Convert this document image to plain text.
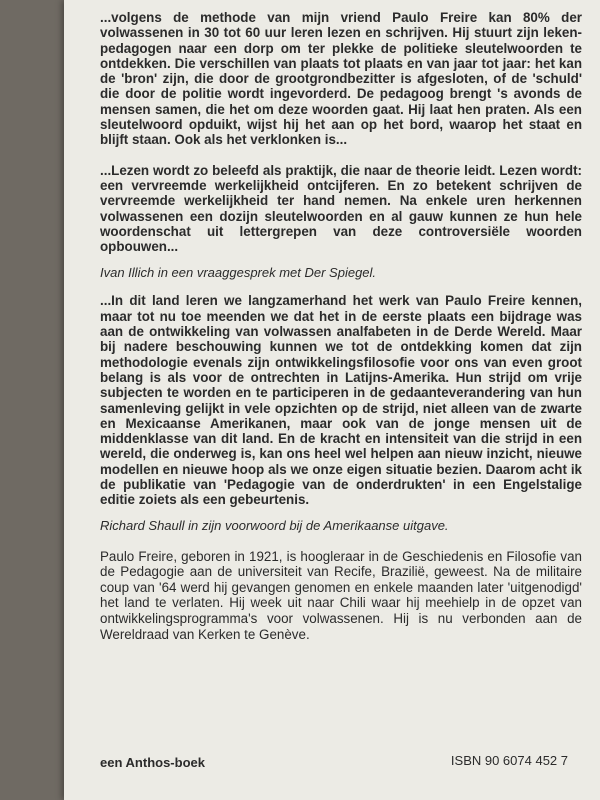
...volgens de methode van mijn vriend Paulo Freire kan 80% der volwassenen in 30 tot 60 uur leren lezen en schrijven. Hij stuurt zijn leken-pedagogen naar een dorp om ter plekke de politieke sleutelwoorden te ontdekken. Die verschillen van plaats tot plaats en van jaar tot jaar: het kan de 'bron' zijn, die door de grootgrondbezitter is afgesloten, of de 'schuld' die door de politie wordt ingevorderd. De pedagoog brengt 's avonds de mensen samen, die het om deze woorden gaat. Hij laat hen praten. Als een sleutelwoord opduikt, wijst hij het aan op het bord, waarop het staat en blijft staan. Ook als het verklonken is...

...Lezen wordt zo beleefd als praktijk, die naar de theorie leidt. Lezen wordt: een vervreemde werkelijkheid ontcijferen. En zo betekent schrijven de vervreemde werkelijkheid ter hand nemen. Na enkele uren herkennen volwassenen een dozijn sleutelwoorden en al gauw kunnen ze hun hele woordenschat uit lettergrepen van deze controversiële woorden opbouwen...

Ivan Illich in een vraaggesprek met Der Spiegel.

...In dit land leren we langzamerhand het werk van Paulo Freire kennen, maar tot nu toe meenden we dat het in de eerste plaats een bijdrage was aan de ontwikkeling van volwassen analfabeten in de Derde Wereld. Maar bij nadere beschouwing kunnen we tot de ontdekking komen dat zijn methodologie evenals zijn ontwikkelingsfilosofie voor ons van even groot belang is als voor de ontrechten in Latijns-Amerika. Hun strijd om vrije subjecten te worden en te participeren in de gedaanteverandering van hun samenleving gelijkt in vele opzichten op de strijd, niet alleen van de zwarte en Mexicaanse Amerikanen, maar ook van de jonge mensen uit de middenklasse van dit land. En de kracht en intensiteit van die strijd in een wereld, die onderweg is, kan ons heel wel helpen aan nieuw inzicht, nieuwe modellen en nieuwe hoop als we onze eigen situatie bezien. Daarom acht ik de publikatie van 'Pedagogie van de onderdrukten' in een Engelstalige editie zoiets als een gebeurtenis.

Richard Shaull in zijn voorwoord bij de Amerikaanse uitgave.

Paulo Freire, geboren in 1921, is hoogleraar in de Geschiedenis en Filosofie van de Pedagogie aan de universiteit van Recife, Brazilië, geweest. Na de militaire coup van '64 werd hij gevangen genomen en enkele maanden later 'uitgenodigd' het land te verlaten. Hij week uit naar Chili waar hij meehielp in de opzet van ontwikkelingsprogramma's voor volwassenen. Hij is nu verbonden aan de Wereldraad van Kerken te Genève.

een Anthos-boek	ISBN 90 6074 452 7
